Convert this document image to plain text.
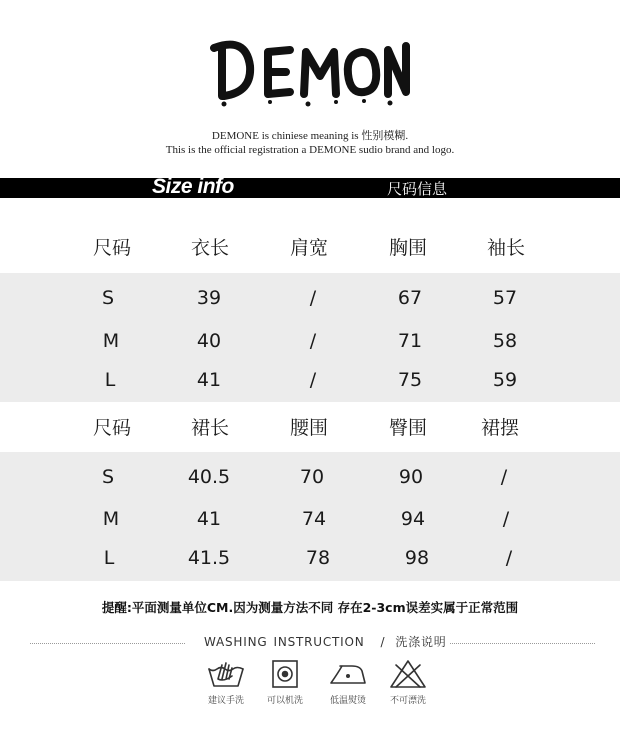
DEMONE is chiniese meaning is 性别模糊.
This is the official registration a DEMONE sudio brand and logo.
Size info	尺码信息
尺码	衣长	肩宽	胸围	袖长
S	39	/	67	57
M	40	/	71	58
L	41	/	75	59
尺码	裙长	腰围	臀围	裙摆
S	40.5	70	90	/
M	41	74	94	/
L	41.5	78	98	/
提醒:平面测量单位CM.因为测量方法不同 存在2-3cm误差实属于正常范围
WASHING INSTRUCTION / 洗涤说明
建议手洗	可以机洗	低温熨烫	不可漂洗
